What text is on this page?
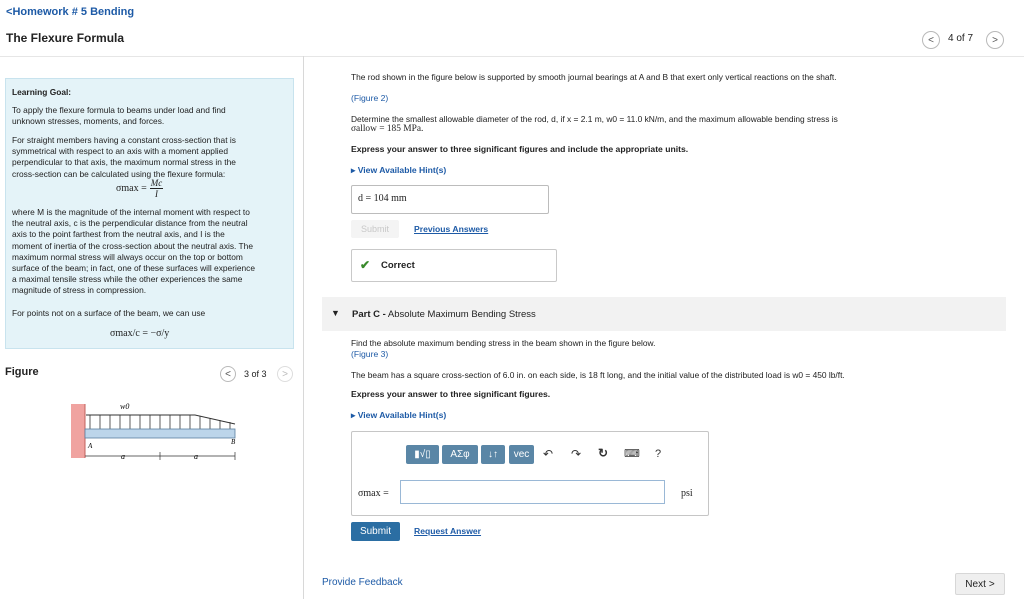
<Homework # 5 Bending
The Flexure Formula	< 4 of 7 >
Learning Goal:
To apply the flexure formula to beams under load and find
unknown stresses, moments, and forces.
For straight members having a constant cross-section that is
symmetrical with respect to an axis with a moment applied
perpendicular to that axis, the maximum normal stress in the
cross-section can be calculated using the flexure formula:
$\sigma\max = \frac{Mc}{I}$
where M is the magnitude of the internal moment with respect to
the neutral axis, c is the perpendicular distance from the neutral
axis to the point farthest from the neutral axis, and I is the
moment of inertia of the cross-section about the neutral axis. The
maximum normal stress will always occur on the top or bottom
surface of the beam; in fact, one of these surfaces will experience
a maximal tensile stress while the other experiences the same
magnitude of stress in compression.
For points not on a surface of the beam, we can use
σmax/c = −σ/y
Figure	< 3 of 3 >
w0
A	B
a	a
The rod shown in the figure below is supported by smooth journal bearings at A and B that exert only vertical reactions on the shaft.
(Figure 2)
Determine the smallest allowable diameter of the rod, d, if x = 2.1 m, w0 = 11.0 kN/m, and the maximum allowable bending stress is
σallow = 185 MPa.
Express your answer to three significant figures and include the appropriate units.
▸ View Available Hint(s)
d = 104 mm
Submit	Previous Answers
✔ Correct
▼ Part C - Absolute Maximum Bending Stress
Find the absolute maximum bending stress in the beam shown in the figure below.
(Figure 3)
The beam has a square cross-section of 6.0 in. on each side, is 18 ft long, and the initial value of the distributed load is w0 = 450 lb/ft.
Express your answer to three significant figures.
▸ View Available Hint(s)
▮√▯	ΑΣφ	↓↑	vec	↶ ↷ ↻ ⌨ ?
σmax =	psi
Submit	Request Answer
Provide Feedback	Next >
